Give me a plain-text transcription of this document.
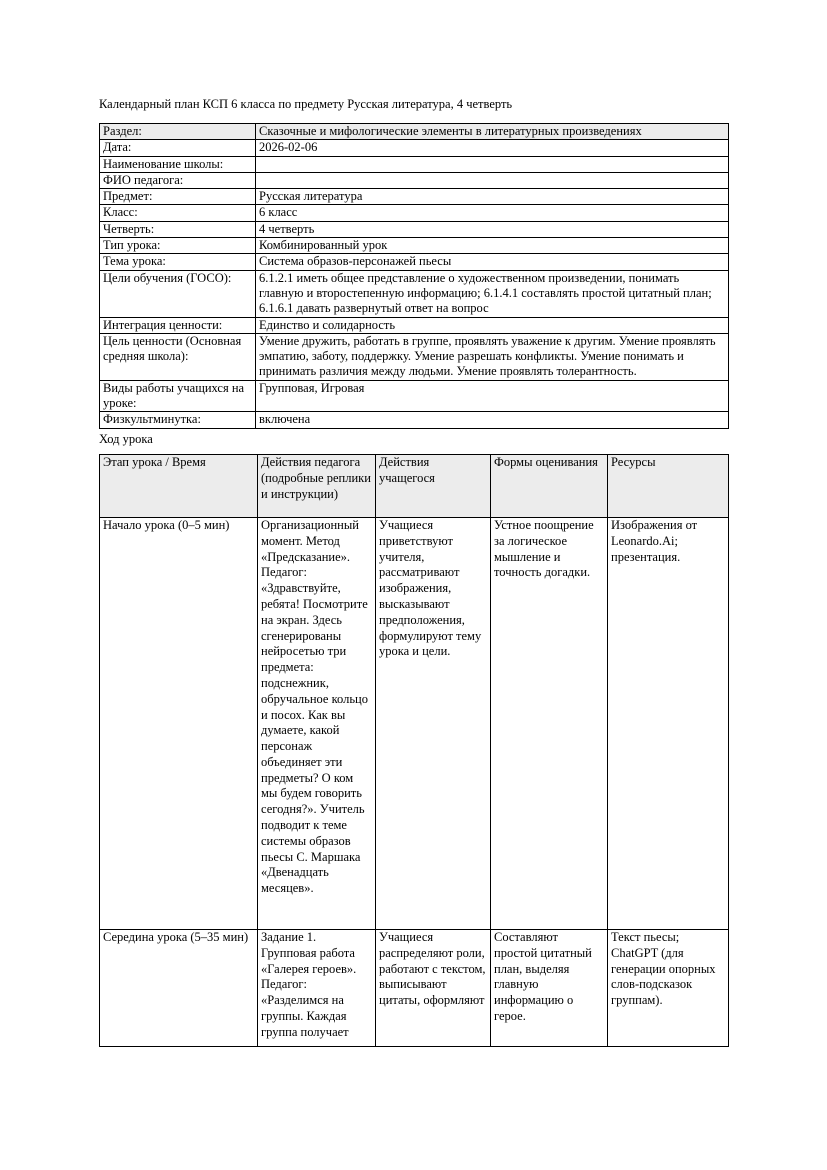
Календарный план КСП 6 класса по предмету Русская литература, 4 четверть

Раздел:	Сказочные и мифологические элементы в литературных произведениях
Дата:	2026-02-06
Наименование школы:	
ФИО педагога:	
Предмет:	Русская литература
Класс:	6 класс
Четверть:	4 четверть
Тип урока:	Комбинированный урок
Тема урока:	Система образов-персонажей пьесы
Цели обучения (ГОСО):	6.1.2.1 иметь общее представление о художественном произведении, понимать главную и второстепенную информацию; 6.1.4.1 составлять простой цитатный план; 6.1.6.1 давать развернутый ответ на вопрос
Интеграция ценности:	Единство и солидарность
Цель ценности (Основная средняя школа):	Умение дружить, работать в группе, проявлять уважение к другим. Умение проявлять эмпатию, заботу, поддержку. Умение разрешать конфликты. Умение понимать и принимать различия между людьми. Умение проявлять толерантность.
Виды работы учащихся на уроке:	Групповая, Игровая
Физкультминутка:	включена

Ход урока

Этап урока / Время	Действия педагога (подробные реплики и инструкции)	Действия учащегося	Формы оценивания	Ресурсы
Начало урока (0–5 мин)	Организационный момент. Метод «Предсказание». Педагог: «Здравствуйте, ребята! Посмотрите на экран. Здесь сгенерированы нейросетью три предмета: подснежник, обручальное кольцо и посох. Как вы думаете, какой персонаж объединяет эти предметы? О ком мы будем говорить сегодня?». Учитель подводит к теме системы образов пьесы С. Маршака «Двенадцать месяцев».	Учащиеся приветствуют учителя, рассматривают изображения, высказывают предположения, формулируют тему урока и цели.	Устное поощрение за логическое мышление и точность догадки.	Изображения от Leonardo.Ai; презентация.

Середина урока (5–35 мин)	Задание 1. Групповая работа «Галерея героев». Педагог: «Разделимся на группы. Каждая группа получает	Учащиеся распределяют роли, работают с текстом, выписывают цитаты, оформляют	Составляют простой цитатный план, выделяя главную информацию о герое.	Текст пьесы; ChatGPT (для генерации опорных слов-подсказок группам).
